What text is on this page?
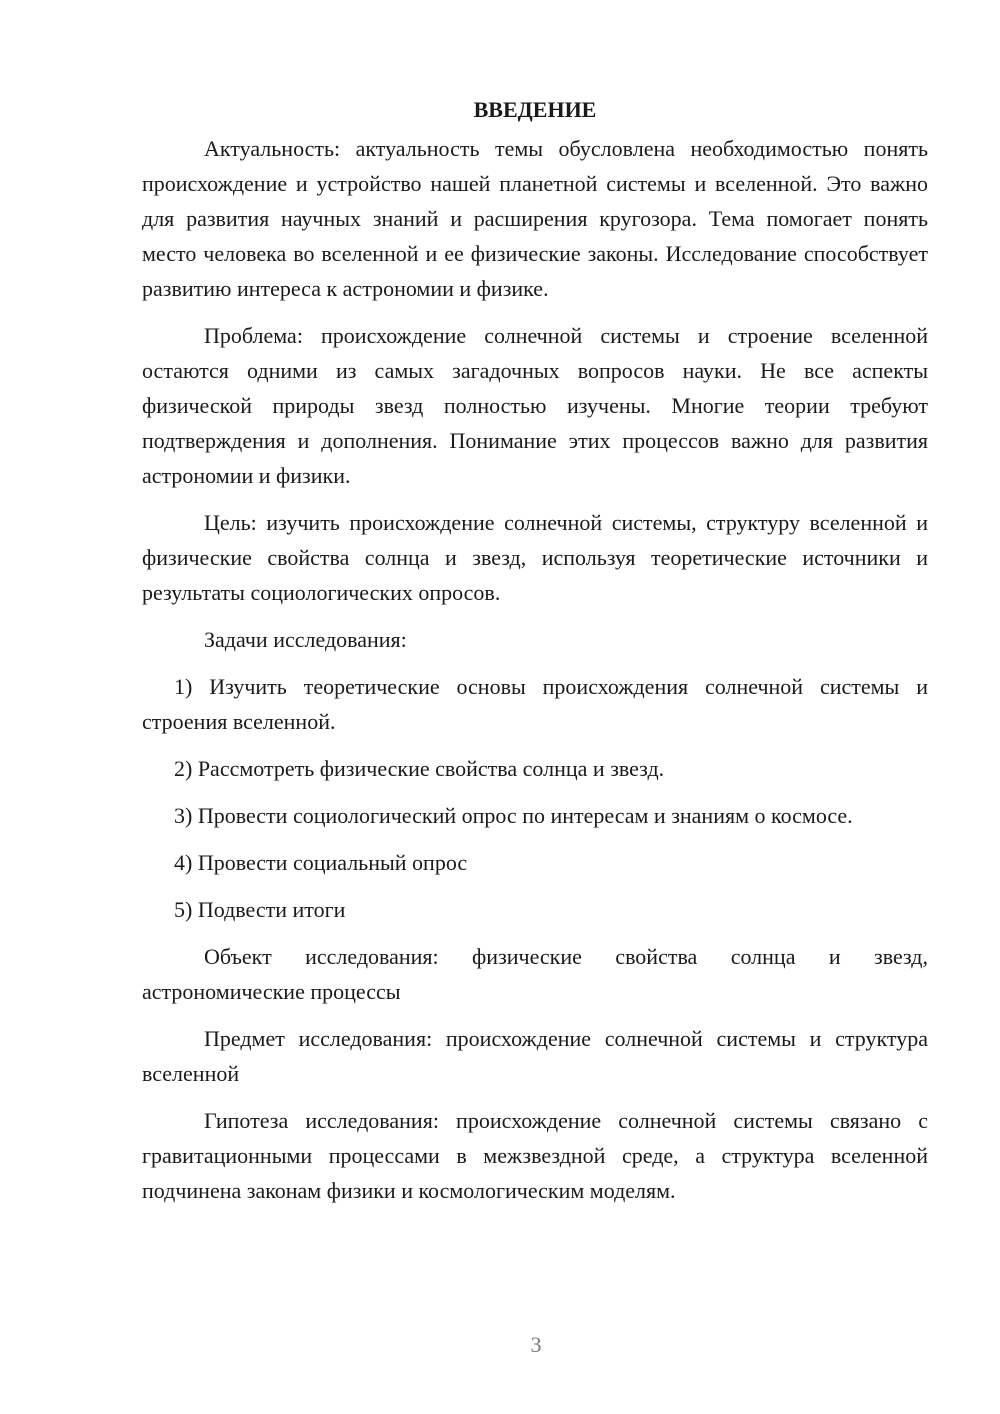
ВВЕДЕНИЕ

Актуальность: актуальность темы обусловлена необходимостью понять происхождение и устройство нашей планетной системы и вселенной. Это важно для развития научных знаний и расширения кругозора. Тема помогает понять место человека во вселенной и ее физические законы. Исследование способствует развитию интереса к астрономии и физике.

Проблема: происхождение солнечной системы и строение вселенной остаются одними из самых загадочных вопросов науки. Не все аспекты физической природы звезд полностью изучены. Многие теории требуют подтверждения и дополнения. Понимание этих процессов важно для развития астрономии и физики.

Цель: изучить происхождение солнечной системы, структуру вселенной и физические свойства солнца и звезд, используя теоретические источники и результаты социологических опросов.

Задачи исследования:

1) Изучить теоретические основы происхождения солнечной системы и строения вселенной.

2) Рассмотреть физические свойства солнца и звезд.

3) Провести социологический опрос по интересам и знаниям о космосе.

4) Провести социальный опрос

5) Подвести итоги

Объект исследования: физические свойства солнца и звезд, астрономические процессы

Предмет исследования: происхождение солнечной системы и структура вселенной

Гипотеза исследования: происхождение солнечной системы связано с гравитационными процессами в межзвездной среде, а структура вселенной подчинена законам физики и космологическим моделям.

3
